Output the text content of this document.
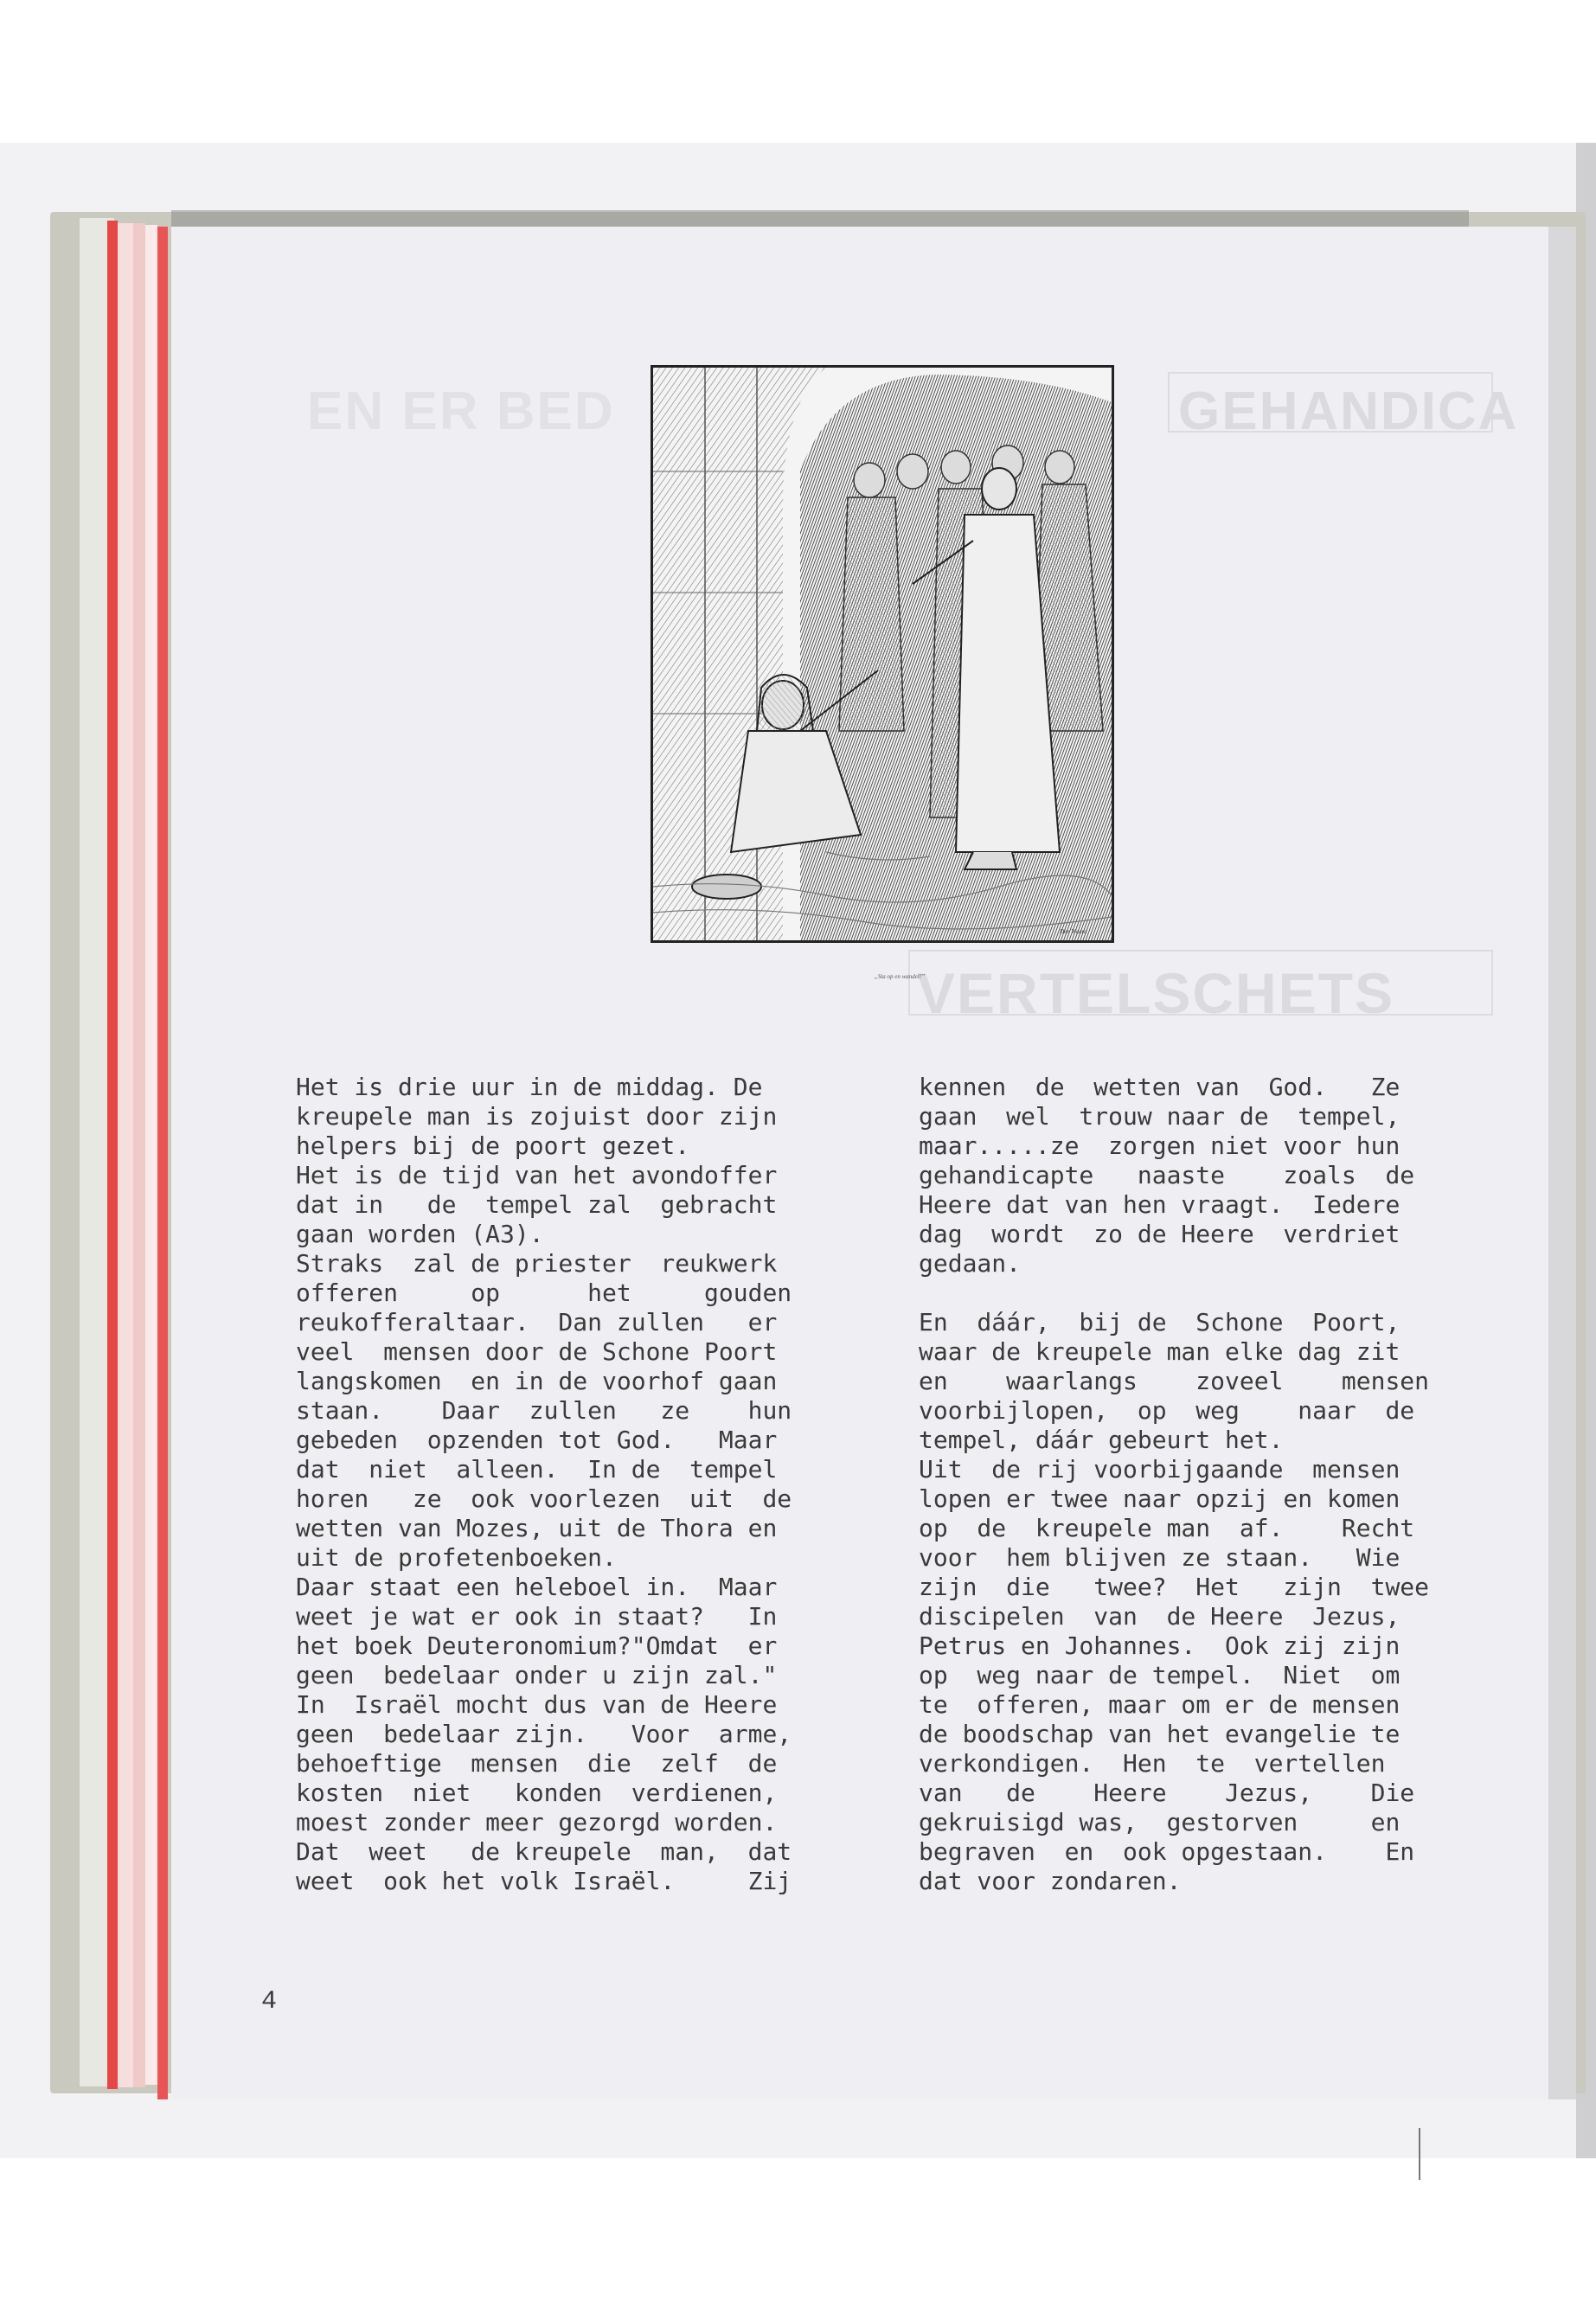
GEHANDICA
EN ER BED
VERTELSCHETS
Den Waard
„Sta op en wandel!”
Het is drie uur in de middag. De
kreupele man is zojuist door zijn
helpers bij de poort gezet.
Het is de tijd van het avondoffer
dat in   de  tempel zal  gebracht
gaan worden (A3).
Straks  zal de priester  reukwerk
offeren     op      het     gouden
reukofferaltaar.  Dan zullen   er
veel  mensen door de Schone Poort
langskomen  en in de voorhof gaan
staan.    Daar  zullen   ze    hun
gebeden  opzenden tot God.   Maar
dat  niet  alleen.  In de  tempel
horen   ze  ook voorlezen  uit  de
wetten van Mozes, uit de Thora en
uit de profetenboeken.
Daar staat een heleboel in.  Maar
weet je wat er ook in staat?   In
het boek Deuteronomium?"Omdat  er
geen  bedelaar onder u zijn zal."
In  Israël mocht dus van de Heere
geen  bedelaar zijn.   Voor  arme,
behoeftige  mensen  die  zelf  de
kosten  niet   konden  verdienen,
moest zonder meer gezorgd worden.
Dat  weet   de kreupele  man,  dat
weet  ook het volk Israël.     Zij
kennen  de  wetten van  God.   Ze
gaan  wel  trouw naar de  tempel,
maar.....ze  zorgen niet voor hun
gehandicapte   naaste    zoals  de
Heere dat van hen vraagt.  Iedere
dag  wordt  zo de Heere  verdriet
gedaan.

En  dáár,  bij de  Schone  Poort,
waar de kreupele man elke dag zit
en    waarlangs    zoveel    mensen
voorbijlopen,  op  weg    naar  de
tempel, dáár gebeurt het.
Uit  de rij voorbijgaande  mensen
lopen er twee naar opzij en komen
op  de  kreupele man  af.    Recht
voor  hem blijven ze staan.   Wie
zijn  die   twee?  Het   zijn  twee
discipelen  van  de Heere  Jezus,
Petrus en Johannes.  Ook zij zijn
op  weg naar de tempel.  Niet  om
te  offeren, maar om er de mensen
de boodschap van het evangelie te
verkondigen.  Hen  te  vertellen
van   de    Heere    Jezus,    Die
gekruisigd was,  gestorven     en
begraven  en  ook opgestaan.    En
dat voor zondaren.
4
